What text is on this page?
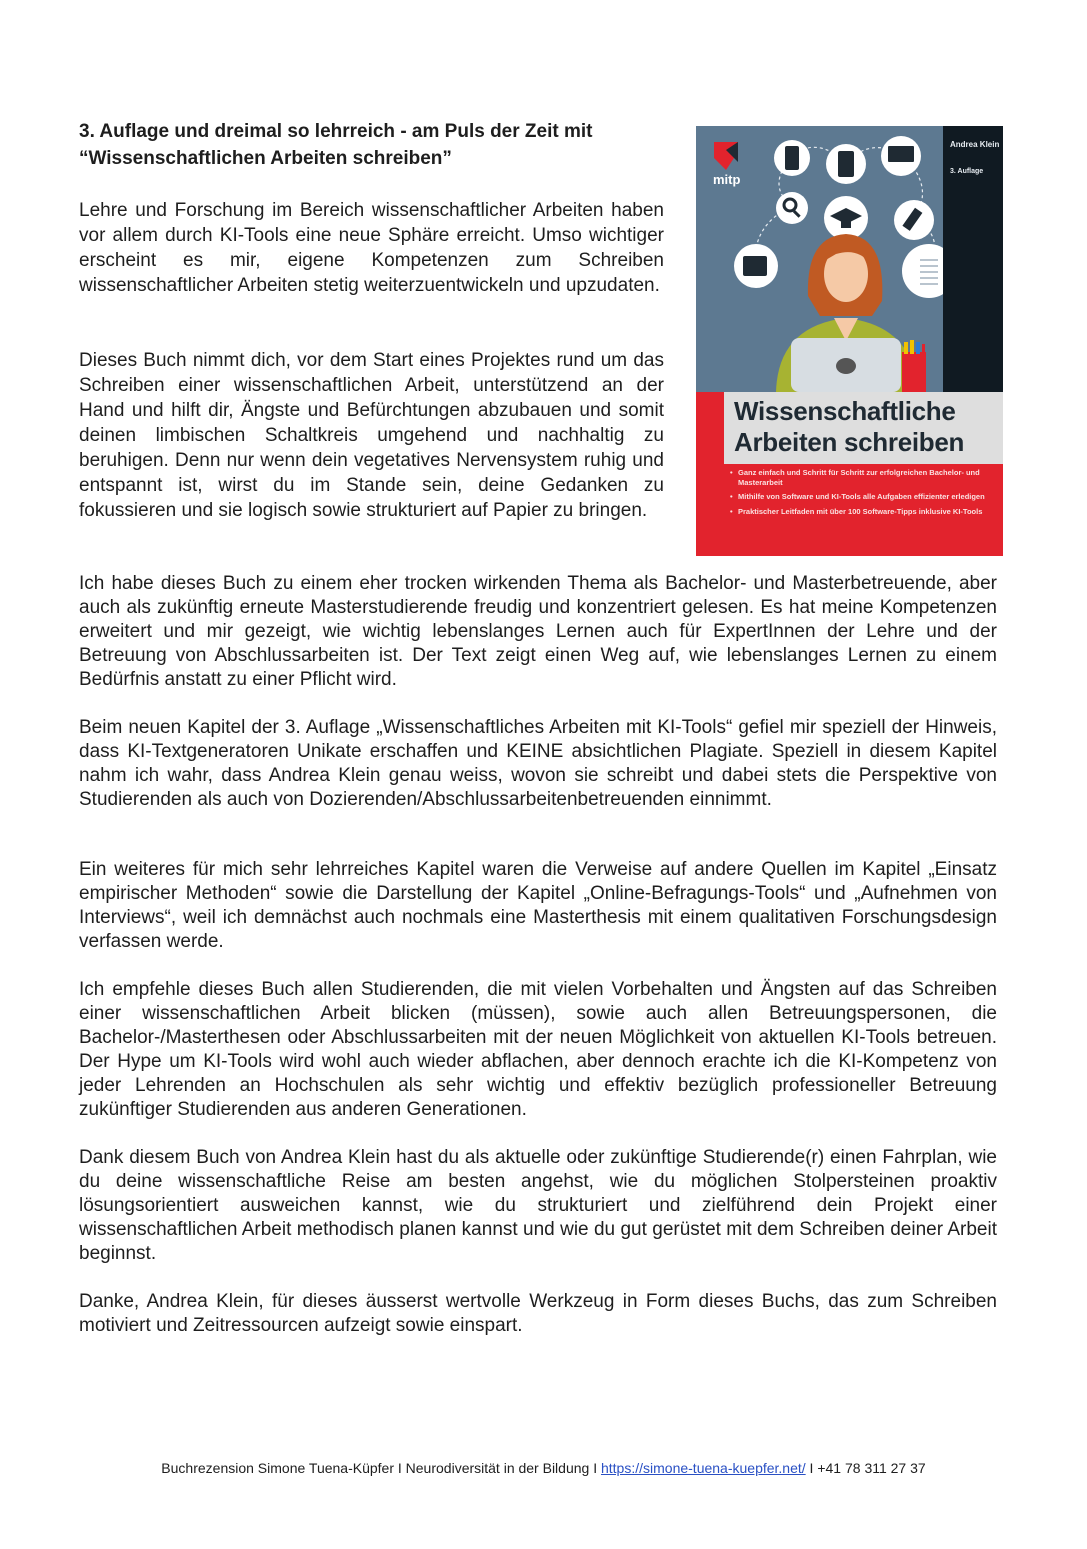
3. Auflage und dreimal so lehrreich - am Puls der Zeit mit
“Wissenschaftlichen Arbeiten schreiben”

Lehre und Forschung im Bereich wissenschaftlicher Arbeiten haben vor allem durch KI-Tools eine neue Sphäre erreicht. Umso wichtiger erscheint es mir, eigene Kompetenzen zum Schreiben wissenschaftlicher Arbeiten stetig weiterzuentwickeln und upzudaten.

Dieses Buch nimmt dich, vor dem Start eines Projektes rund um das Schreiben einer wissenschaftlichen Arbeit, unterstützend an der Hand und hilft dir, Ängste und Befürchtungen abzubauen und somit deinen limbischen Schaltkreis umgehend und nachhaltig zu beruhigen. Denn nur wenn dein vegetatives Nervensystem ruhig und entspannt ist, wirst du im Stande sein, deine Gedanken zu fokussieren und sie logisch sowie strukturiert auf Papier zu bringen.

mitp
Andrea Klein
3. Auflage
Wissenschaftliche
Arbeiten schreiben
• Ganz einfach und Schritt für Schritt zur erfolgreichen Bachelor- und Masterarbeit
• Mithilfe von Software und KI-Tools alle Aufgaben effizienter erledigen
• Praktischer Leitfaden mit über 100 Software-Tipps inklusive KI-Tools

Ich habe dieses Buch zu einem eher trocken wirkenden Thema als Bachelor- und Masterbetreuende, aber auch als zukünftig erneute Masterstudierende freudig und konzentriert gelesen. Es hat meine Kompetenzen erweitert und mir gezeigt, wie wichtig lebenslanges Lernen auch für ExpertInnen der Lehre und der Betreuung von Abschlussarbeiten ist. Der Text zeigt einen Weg auf, wie lebenslanges Lernen zu einem Bedürfnis anstatt zu einer Pflicht wird.

Beim neuen Kapitel der 3. Auflage „Wissenschaftliches Arbeiten mit KI-Tools“ gefiel mir speziell der Hinweis, dass KI-Textgeneratoren Unikate erschaffen und KEINE absichtlichen Plagiate. Speziell in diesem Kapitel nahm ich wahr, dass Andrea Klein genau weiss, wovon sie schreibt und dabei stets die Perspektive von Studierenden als auch von Dozierenden/Abschlussarbeitenbetreuenden einnimmt.

Ein weiteres für mich sehr lehrreiches Kapitel waren die Verweise auf andere Quellen im Kapitel „Einsatz empirischer Methoden“ sowie die Darstellung der Kapitel „Online-Befragungs-Tools“ und „Aufnehmen von Interviews“, weil ich demnächst auch nochmals eine Masterthesis mit einem qualitativen Forschungsdesign verfassen werde.

Ich empfehle dieses Buch allen Studierenden, die mit vielen Vorbehalten und Ängsten auf das Schreiben einer wissenschaftlichen Arbeit blicken (müssen), sowie auch allen Betreuungspersonen, die Bachelor-/Masterthesen oder Abschlussarbeiten mit der neuen Möglichkeit von aktuellen KI-Tools betreuen. Der Hype um KI-Tools wird wohl auch wieder abflachen, aber dennoch erachte ich die KI-Kompetenz von jeder Lehrenden an Hochschulen als sehr wichtig und effektiv bezüglich professioneller Betreuung zukünftiger Studierenden aus anderen Generationen.

Dank diesem Buch von Andrea Klein hast du als aktuelle oder zukünftige Studierende(r) einen Fahrplan, wie du deine wissenschaftliche Reise am besten angehst, wie du möglichen Stolpersteinen proaktiv lösungsorientiert ausweichen kannst, wie du strukturiert und zielführend dein Projekt einer wissenschaftlichen Arbeit methodisch planen kannst und wie du gut gerüstet mit dem Schreiben deiner Arbeit beginnst.

Danke, Andrea Klein, für dieses äusserst wertvolle Werkzeug in Form dieses Buchs, das zum Schreiben motiviert und Zeitressourcen aufzeigt sowie einspart.

Buchrezension Simone Tuena-Küpfer I Neurodiversität in der Bildung I https://simone-tuena-kuepfer.net/ I +41 78 311 27 37
